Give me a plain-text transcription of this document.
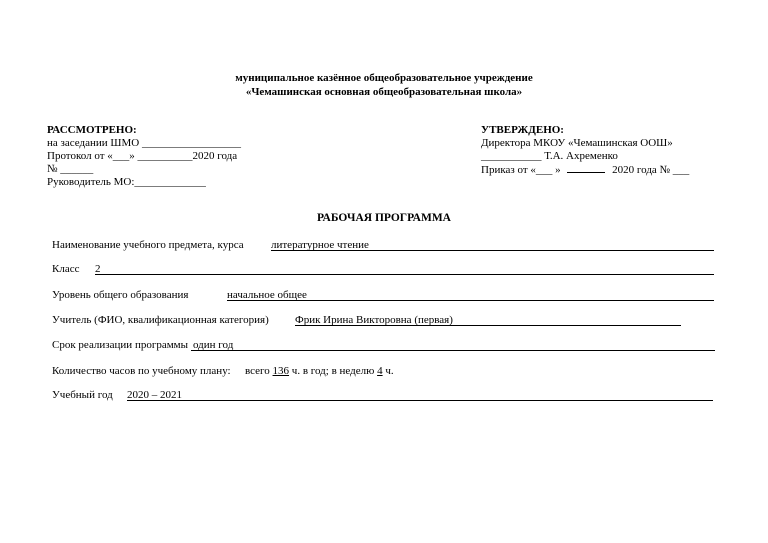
муниципальное казённое общеобразовательное учреждение
«Чемашинская основная общеобразовательная школа»
РАССМОТРЕНО:
на заседании ШМО __________________
Протокол от «___» __________2020 года
№ ______
Руководитель МО:_____________
УТВЕРЖДЕНО:
Директора МКОУ «Чемашинская ООШ»
___________ Т.А. Ахременко
Приказ от «___ »	2020 года № ___
РАБОЧАЯ ПРОГРАММА
Наименование учебного предмета, курса литературное чтение
Класс 2
Уровень общего образования	начальное общее
Учитель (ФИО, квалификационная категория) Фрик Ирина Викторовна (первая)
Срок реализации программы один год
Количество часов по учебному плану: всего 136 ч. в год; в неделю 4 ч.
Учебный год 2020 – 2021
